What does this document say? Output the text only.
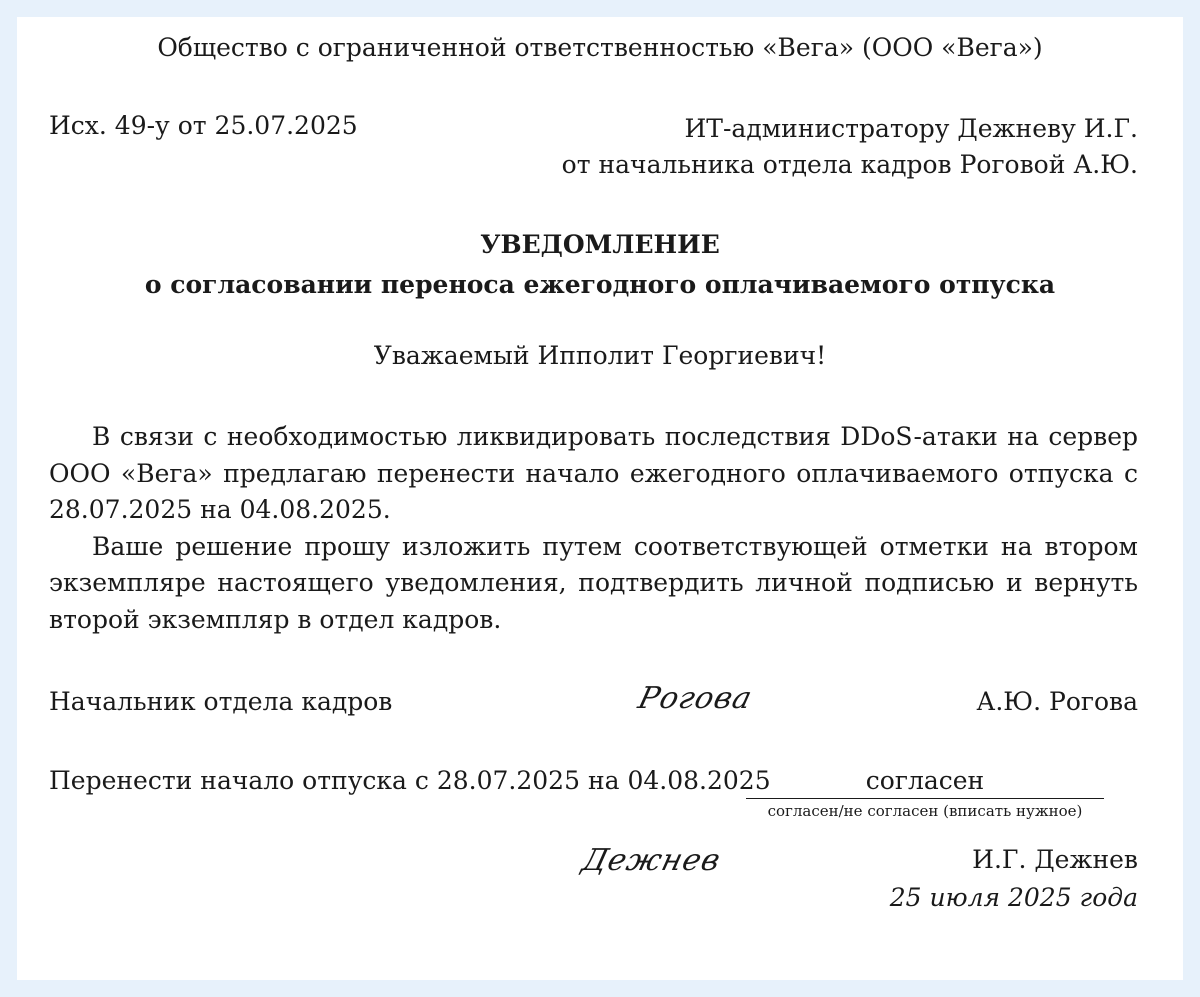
Общество с ограниченной ответственностью «Вега» (ООО «Вега»)
Исх. 49-у от 25.07.2025	ИТ-администратору Дежневу И.Г.
от начальника отдела кадров Роговой А.Ю.
УВЕДОМЛЕНИЕ
о согласовании переноса ежегодного оплачиваемого отпуска
Уважаемый Ипполит Георгиевич!

В связи с необходимостью ликвидировать последствия DDoS-атаки на сервер ООО «Вега» предлагаю перенести начало ежегодного оплачиваемого отпуска с 28.07.2025 на 04.08.2025.

Ваше решение прошу изложить путем соответствующей отметки на втором экземпляре настоящего уведомления, подтвердить личной подписью и вернуть второй экземпляр в отдел кадров.

Начальник отдела кадров	Рогова	А.Ю. Рогова
Перенести начало отпуска с 28.07.2025 на 04.08.2025	согласен
согласен/не согласен (вписать нужное)
Дежнев	И.Г. Дежнев
25 июля 2025 года
